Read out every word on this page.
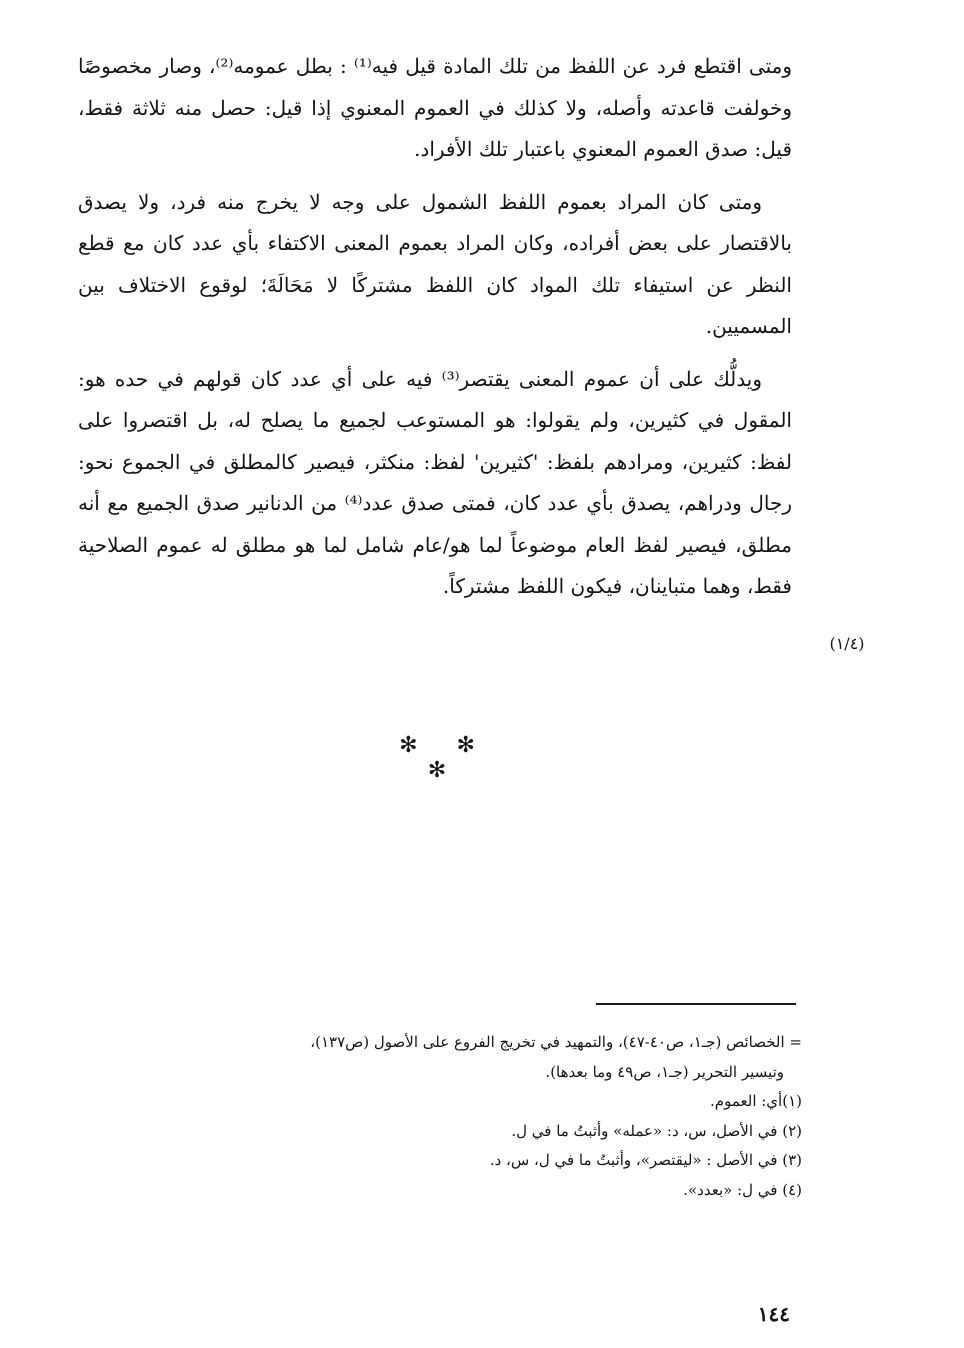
ومتى اقتطع فرد عن اللفظ من تلك المادة قيل فيه⁽¹⁾ : بطل عمومه⁽²⁾، وصار مخصوصًا وخولفت قاعدته وأصله، ولا كذلك في العموم المعنوي إذا قيل: حصل منه ثلاثة فقط، قيل: صدق العموم المعنوي باعتبار تلك الأفراد.

ومتى كان المراد بعموم اللفظ الشمول على وجه لا يخرج منه فرد، ولا يصدق بالاقتصار على بعض أفراده، وكان المراد بعموم المعنى الاكتفاء بأي عدد كان مع قطع النظر عن استيفاء تلك المواد كان اللفظ مشتركًا لا مَحَالَةَ؛ لوقوع الاختلاف بين المسميين.

ويدلُّك على أن عموم المعنى يقتصر⁽³⁾ فيه على أي عدد كان قولهم في حده هو: المقول في كثيرين، ولم يقولوا: هو المستوعب لجميع ما يصلح له، بل اقتصروا على لفظ: كثيرين، ومرادهم بلفظ: 'كثيرين' لفظ: منكثر، فيصير كالمطلق في الجموع نحو: رجال ودراهم، يصدق بأي عدد كان، فمتى صدق عدد⁽⁴⁾ من الدنانير صدق الجميع مع أنه مطلق، فيصير لفظ العام موضوعاً لما هو/عام شامل لما هو مطلق له عموم الصلاحية فقط، وهما متباينان، فيكون اللفظ مشتركاً.

(١/٤)
✻ ✻ ✻

= الخصائص (جـ١، ص٤٠-٤٧)، والتمهيد في تخريج الفروع على الأصول (ص١٣٧)،

وتيسير التحرير (جـ١، ص٤٩ وما بعدها).

(١)أي: العموم.

(٢) في الأصل، س، د: «عمله» وأثبتُ ما في ل.

(٣) في الأصل : «ليقتصر»، وأثبتُ ما في ل، س، د.

(٤) في ل: «بعدد».

١٤٤
